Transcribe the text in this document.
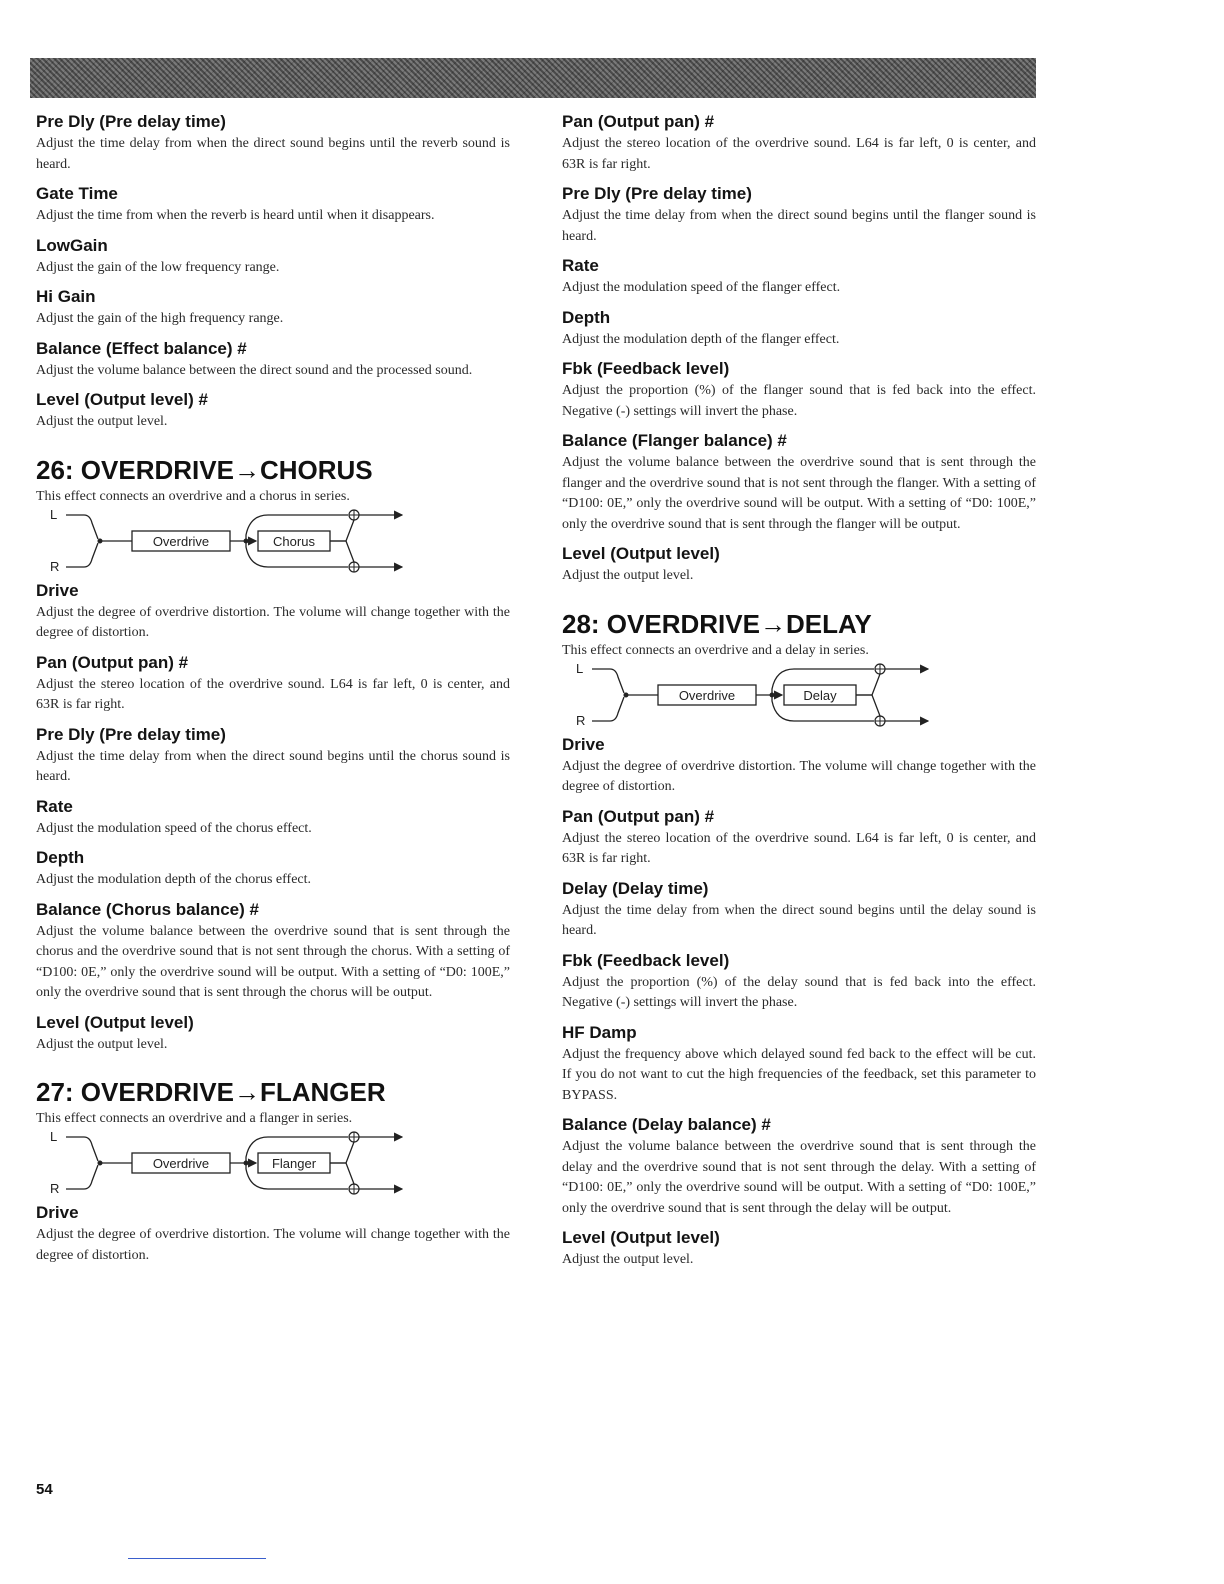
Pre Dly (Pre delay time)

Adjust the time delay from when the direct sound begins until the reverb sound is heard.

Gate Time

Adjust the time from when the reverb is heard until when it disappears.

LowGain

Adjust the gain of the low frequency range.

Hi Gain

Adjust the gain of the high frequency range.

Balance (Effect balance) #

Adjust the volume balance between the direct sound and the processed sound.

Level (Output level) #

Adjust the output level.

26: OVERDRIVE→CHORUS

This effect connects an overdrive and a chorus in series.

L
R
Overdrive	Chorus
Drive

Adjust the degree of overdrive distortion. The volume will change together with the degree of distortion.

Pan (Output pan) #

Adjust the stereo location of the overdrive sound. L64 is far left, 0 is center, and 63R is far right.

Pre Dly (Pre delay time)

Adjust the time delay from when the direct sound begins until the chorus sound is heard.

Rate

Adjust the modulation speed of the chorus effect.

Depth

Adjust the modulation depth of the chorus effect.

Balance (Chorus balance) #

Adjust the volume balance between the overdrive sound that is sent through the chorus and the overdrive sound that is not sent through the chorus. With a setting of “D100: 0E,” only the overdrive sound will be output. With a setting of “D0: 100E,” only the overdrive sound that is sent through the chorus will be output.

Level (Output level)

Adjust the output level.

27: OVERDRIVE→FLANGER

This effect connects an overdrive and a flanger in series.

L
R
Overdrive	Flanger
Drive

Adjust the degree of overdrive distortion. The volume will change together with the degree of distortion.

Pan (Output pan) #

Adjust the stereo location of the overdrive sound. L64 is far left, 0 is center, and 63R is far right.

Pre Dly (Pre delay time)

Adjust the time delay from when the direct sound begins until the flanger sound is heard.

Rate

Adjust the modulation speed of the flanger effect.

Depth

Adjust the modulation depth of the flanger effect.

Fbk (Feedback level)

Adjust the proportion (%) of the flanger sound that is fed back into the effect. Negative (-) settings will invert the phase.

Balance (Flanger balance) #

Adjust the volume balance between the overdrive sound that is sent through the flanger and the overdrive sound that is not sent through the flanger. With a setting of “D100: 0E,” only the overdrive sound will be output. With a setting of “D0: 100E,” only the overdrive sound that is sent through the flanger will be output.

Level (Output level)

Adjust the output level.

28: OVERDRIVE→DELAY

This effect connects an overdrive and a delay in series.

L
R
Overdrive	Delay
Drive

Adjust the degree of overdrive distortion. The volume will change together with the degree of distortion.

Pan (Output pan) #

Adjust the stereo location of the overdrive sound. L64 is far left, 0 is center, and 63R is far right.

Delay (Delay time)

Adjust the time delay from when the direct sound begins until the delay sound is heard.

Fbk (Feedback level)

Adjust the proportion (%) of the delay sound that is fed back into the effect. Negative (-) settings will invert the phase.

HF Damp

Adjust the frequency above which delayed sound fed back to the effect will be cut. If you do not want to cut the high frequencies of the feedback, set this parameter to BYPASS.

Balance (Delay balance) #

Adjust the volume balance between the overdrive sound that is sent through the delay and the overdrive sound that is not sent through the delay. With a setting of “D100: 0E,” only the overdrive sound will be output. With a setting of “D0: 100E,” only the overdrive sound that is sent through the delay will be output.

Level (Output level)

Adjust the output level.

54
